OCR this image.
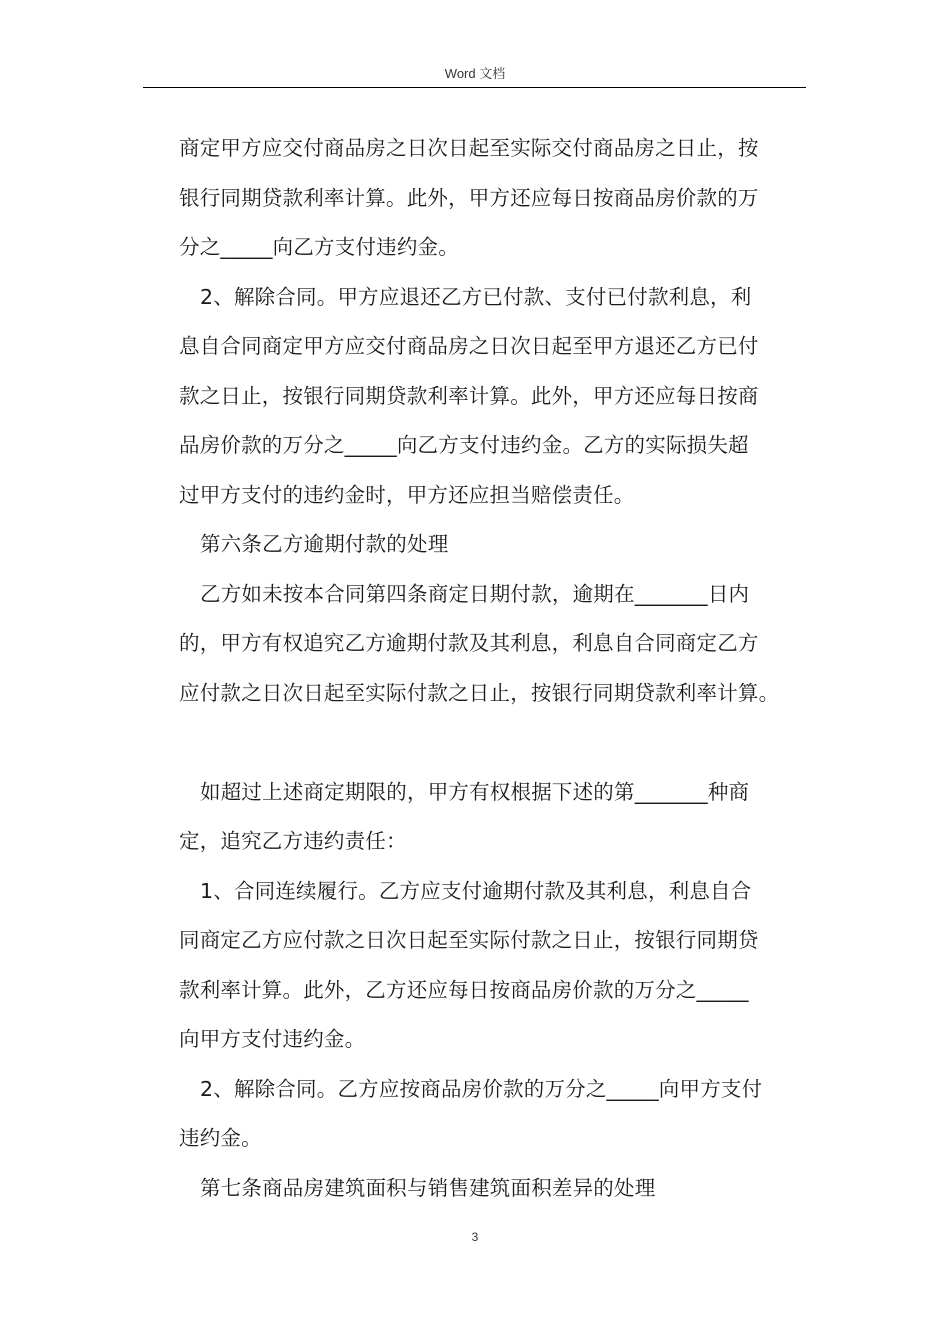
Word 文档
商定甲方应交付商品房之日次日起至实际交付商品房之日止，按
银行同期贷款利率计算。此外，甲方还应每日按商品房价款的万
分之_____向乙方支付违约金。
2、解除合同。甲方应退还乙方已付款、支付已付款利息，利
息自合同商定甲方应交付商品房之日次日起至甲方退还乙方已付
款之日止，按银行同期贷款利率计算。此外，甲方还应每日按商
品房价款的万分之_____向乙方支付违约金。乙方的实际损失超
过甲方支付的违约金时，甲方还应担当赔偿责任。
第六条乙方逾期付款的处理
乙方如未按本合同第四条商定日期付款，逾期在_______日内
的，甲方有权追究乙方逾期付款及其利息，利息自合同商定乙方
应付款之日次日起至实际付款之日止，按银行同期贷款利率计算。
如超过上述商定期限的，甲方有权根据下述的第_______种商
定，追究乙方违约责任：
1、合同连续履行。乙方应支付逾期付款及其利息，利息自合
同商定乙方应付款之日次日起至实际付款之日止，按银行同期贷
款利率计算。此外，乙方还应每日按商品房价款的万分之_____
向甲方支付违约金。
2、解除合同。乙方应按商品房价款的万分之_____向甲方支付
违约金。
第七条商品房建筑面积与销售建筑面积差异的处理
3
